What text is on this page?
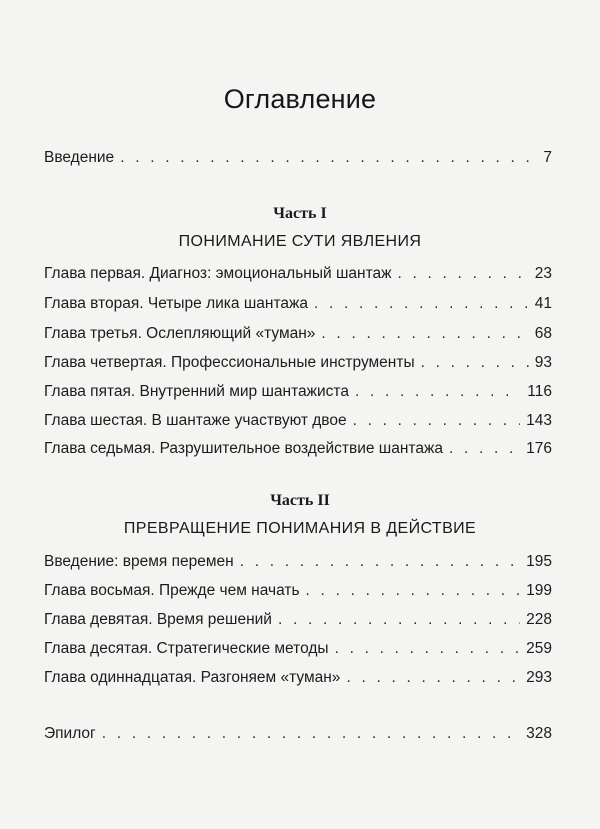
Оглавление
Введение . . .	7
Часть I
ПОНИМАНИЕ СУТИ ЯВЛЕНИЯ
Глава первая. Диагноз: эмоциональный шантаж . . .	23
Глава вторая. Четыре лика шантажа . . .	41
Глава третья. Ослепляющий «туман» . . .	68
Глава четвертая. Профессиональные инструменты . . .	93
Глава пятая. Внутренний мир шантажиста . . .	116
Глава шестая. В шантаже участвуют двое . . .	143
Глава седьмая. Разрушительное воздействие шантажа . . .	176
Часть II
ПРЕВРАЩЕНИЕ ПОНИМАНИЯ В ДЕЙСТВИЕ
Введение: время перемен . . .	195
Глава восьмая. Прежде чем начать . . .	199
Глава девятая. Время решений . . .	228
Глава десятая. Стратегические методы . . .	259
Глава одиннадцатая. Разгоняем «туман» . . .	293
Эпилог . . .	328
